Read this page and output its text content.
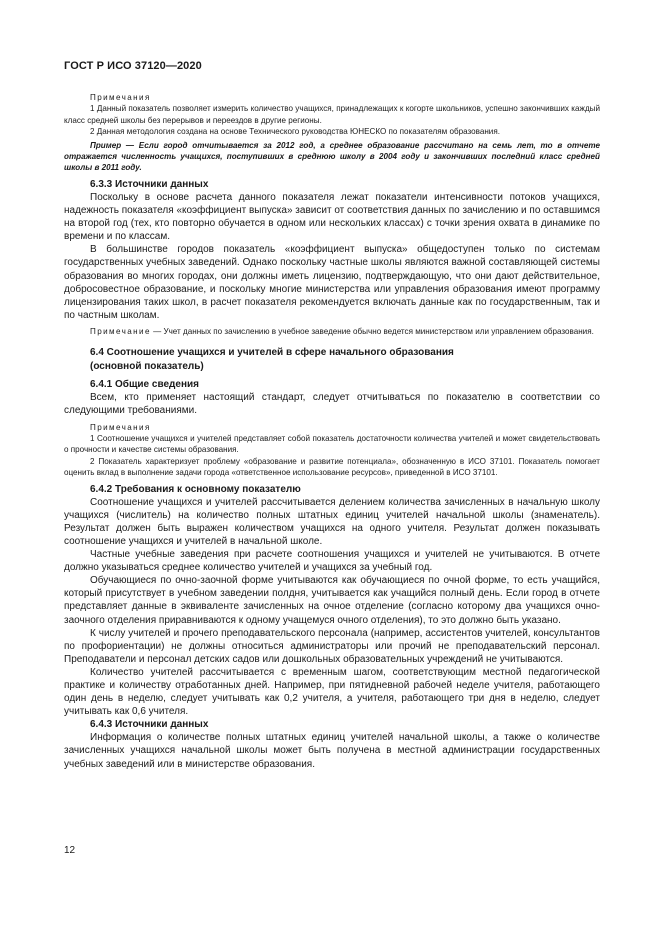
ГОСТ Р ИСО 37120—2020

Примечания

1 Данный показатель позволяет измерить количество учащихся, принадлежащих к когорте школьников, успешно закончивших каждый класс средней школы без перерывов и переездов в другие регионы.

2 Данная методология создана на основе Технического руководства ЮНЕСКО по показателям образования.

Пример — Если город отчитывается за 2012 год, а среднее образование рассчитано на семь лет, то в отчете отражается численность учащихся, поступивших в среднюю школу в 2004 году и закончивших последний класс средней школы в 2011 году.

6.3.3 Источники данных

Поскольку в основе расчета данного показателя лежат показатели интенсивности потоков учащихся, надежность показателя «коэффициент выпуска» зависит от соответствия данных по зачислению и по оставшимся на второй год (тех, кто повторно обучается в одном или нескольких классах) с точки зрения охвата в динамике по времени и по классам.

В большинстве городов показатель «коэффициент выпуска» общедоступен только по системам государственных учебных заведений. Однако поскольку частные школы являются важной составляющей системы образования во многих городах, они должны иметь лицензию, подтверждающую, что они дают действительное, добросовестное образование, и поскольку многие министерства или управления образования имеют программу лицензирования таких школ, в расчет показателя рекомендуется включать данные как по государственным, так и по частным школам.

Примечание — Учет данных по зачислению в учебное заведение обычно ведется министерством или управлением образования.

6.4 Соотношение учащихся и учителей в сфере начального образования

(основной показатель)

6.4.1 Общие сведения

Всем, кто применяет настоящий стандарт, следует отчитываться по показателю в соответствии со следующими требованиями.

Примечания

1 Соотношение учащихся и учителей представляет собой показатель достаточности количества учителей и может свидетельствовать о прочности и качестве системы образования.

2 Показатель характеризует проблему «образование и развитие потенциала», обозначенную в ИСО 37101. Показатель помогает оценить вклад в выполнение задачи города «ответственное использование ресурсов», приведенной в ИСО 37101.

6.4.2 Требования к основному показателю

Соотношение учащихся и учителей рассчитывается делением количества зачисленных в начальную школу учащихся (числитель) на количество полных штатных единиц учителей начальной школы (знаменатель). Результат должен быть выражен количеством учащихся на одного учителя. Результат должен показывать соотношение учащихся и учителей в начальной школе.

Частные учебные заведения при расчете соотношения учащихся и учителей не учитываются. В отчете должно указываться среднее количество учителей и учащихся за учебный год.

Обучающиеся по очно-заочной форме учитываются как обучающиеся по очной форме, то есть учащийся, который присутствует в учебном заведении полдня, учитывается как учащийся полный день. Если город в отчете представляет данные в эквиваленте зачисленных на очное отделение (согласно которому два учащихся очно-заочного отделения приравниваются к одному учащемуся очного отделения), то это должно быть указано.

К числу учителей и прочего преподавательского персонала (например, ассистентов учителей, консультантов по профориентации) не должны относиться администраторы или прочий не преподавательский персонал. Преподаватели и персонал детских садов или дошкольных образовательных учреждений не учитываются.

Количество учителей рассчитывается с временным шагом, соответствующим местной педагогической практике и количеству отработанных дней. Например, при пятидневной рабочей неделе учителя, работающего один день в неделю, следует учитывать как 0,2 учителя, а учителя, работающего три дня в неделю, следует учитывать как 0,6 учителя.

6.4.3 Источники данных

Информация о количестве полных штатных единиц учителей начальной школы, а также о количестве зачисленных учащихся начальной школы может быть получена в местной администрации государственных учебных заведений или в министерстве образования.

12
